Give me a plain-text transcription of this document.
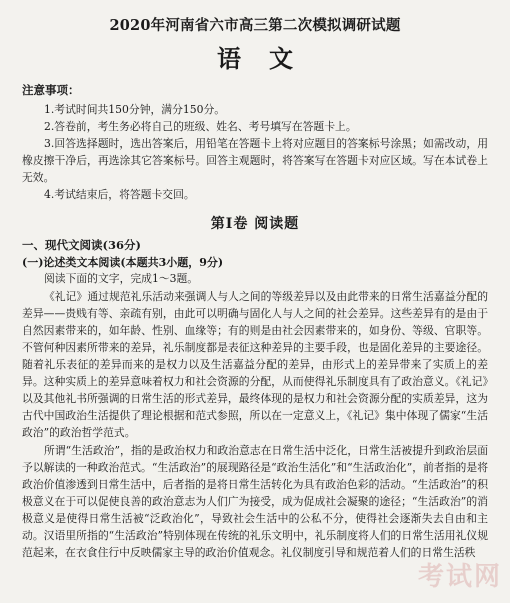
2020年河南省六市高三第二次模拟调研试题
语文
注意事项：

1.考试时间共150分钟，满分150分。

2.答卷前，考生务必将自己的班级、姓名、考号填写在答题卡上。

3.回答选择题时，选出答案后，用铅笔在答题卡上将对应题目的答案标号涂黑；如需改动，用橡皮擦干净后，再选涂其它答案标号。回答主观题时，将答案写在答题卡对应区域。写在本试卷上无效。

4.考试结束后，将答题卡交回。

第Ⅰ卷 阅读题
一、现代文阅读(36分)
(一)论述类文本阅读(本题共3小题，9分)

阅读下面的文字，完成1～3题。

《礼记》通过规范礼乐活动来强调人与人之间的等级差异以及由此带来的日常生活嘉益分配的差异——贵贱有等、亲疏有别，由此可以明确与固化人与人之间的社会差异。这些差异有的是由于自然因素带来的，如年龄、性别、血缘等；有的则是由社会因素带来的，如身份、等级、官职等。不管何种因素所带来的差异，礼乐制度都是表征这种差异的主要手段，也是固化差异的主要途径。随着礼乐表征的差异而来的是权力以及生活嘉益分配的差异，由形式上的差异带来了实质上的差异。这种实质上的差异意味着权力和社会资源的分配，从而使得礼乐制度具有了政治意义。《礼记》以及其他礼书所强调的日常生活的形式差异，最终体现的是权力和社会资源分配的实质差异，这为古代中国政治生活提供了理论根据和范式参照，所以在一定意义上，《礼记》集中体现了儒家“生活政治”的政治哲学范式。

所谓“生活政治”，指的是政治权力和政治意志在日常生活中泛化，日常生活被提升到政治层面予以解读的一种政治范式。“生活政治”的展现路径是“政治生活化”和“生活政治化”，前者指的是将政治价值渗透到日常生活中，后者指的是将日常生活转化为具有政治色彩的活动。“生活政治”的积极意义在于可以促使良善的政治意志为人们广为接受，成为促成社会凝聚的途径；“生活政治”的消极意义是使得日常生活被“泛政治化”，导致社会生活中的公私不分，使得社会逐渐失去自由和主动。汉语里所指的“生活政治”特别体现在传统的礼乐文明中，礼乐制度将人们的日常生活用礼仪规范起来，在衣食住行中反映儒家主导的政治价值观念。礼仪制度引导和规范着人们的日常生活秩

考试网
